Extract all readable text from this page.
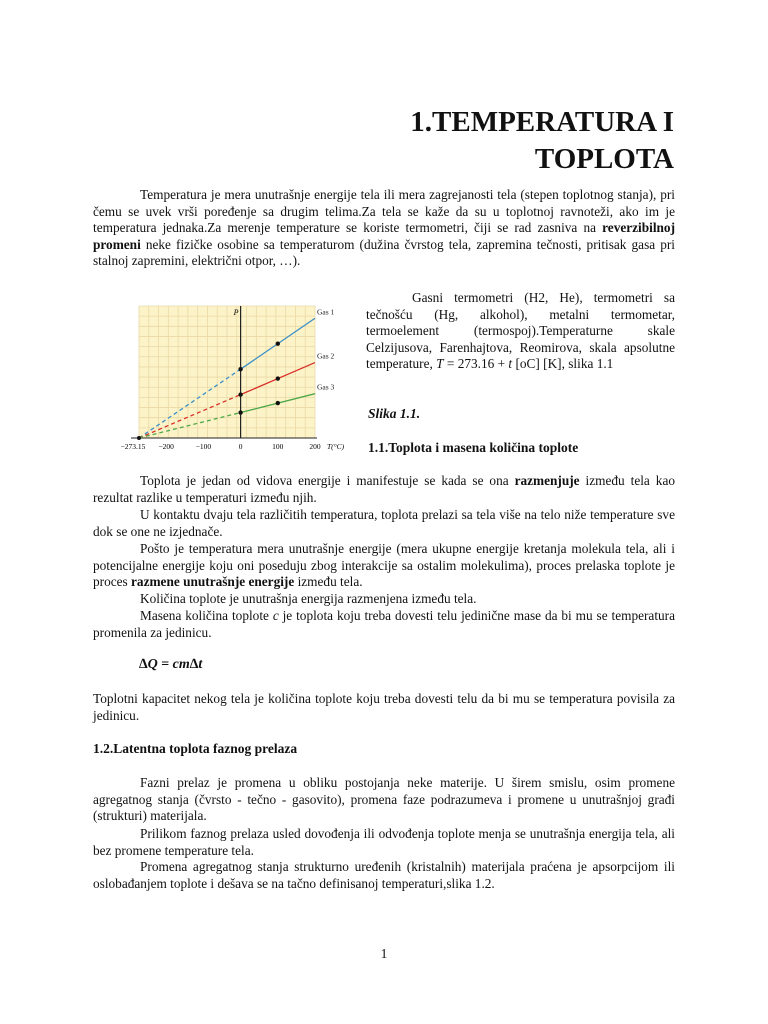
1.TEMPERATURA I
TOPLOTA

Temperatura je mera unutrašnje energije tela ili mera zagrejanosti tela (stepen toplotnog stanja), pri čemu se uvek vrši poređenje sa drugim telima.Za tela se kaže da su u toplotnoj ravnoteži, ako im je temperatura jednaka.Za merenje temperature se koriste termometri, čiji se rad zasniva na reverzibilnoj promeni neke fizičke osobine sa temperaturom (dužina čvrstog tela, zapremina tečnosti, pritisak gasa pri stalnoj zapremini, električni otpor, …).

P	Gas 1
Gas 2
Gas 3
−273.15 −200	−100	0	100	200 T(°C)

Gasni termometri (H2, He), termometri sa tečnošću (Hg, alkohol), metalni termometar, termoelement (termospoj).Temperaturne skale Celzijusova, Farenhajtova, Reomirova, skala apsolutne temperature, T = 273.16 + t [oC] [K], slika 1.1

Slika 1.1.
1.1.Toplota i masena količina toplote

Toplota je jedan od vidova energije i manifestuje se kada se ona razmenjuje između tela kao rezultat razlike u temperaturi između njih.

U kontaktu dvaju tela različitih temperatura, toplota prelazi sa tela više na telo niže temperature sve dok se one ne izjednače.

Pošto je temperatura mera unutrašnje energije (mera ukupne energije kretanja molekula tela, ali i potencijalne energije koju oni poseduju zbog interakcije sa ostalim molekulima), proces prelaska toplote je proces razmene unutrašnje energije između tela.

Količina toplote je unutrašnja energija razmenjena između tela.

Masena količina toplote c je toplota koju treba dovesti telu jedinične mase da bi mu se temperatura promenila za jedinicu.

∆Q = cm∆t

Toplotni kapacitet nekog tela je količina toplote koju treba dovesti telu da bi mu se temperatura povisila za jedinicu.

1.2.Latentna toplota faznog prelaza

Fazni prelaz je promena u obliku postojanja neke materije. U širem smislu, osim promene agregatnog stanja (čvrsto - tečno - gasovito), promena faze podrazumeva i promene u unutrašnjoj građi (strukturi) materijala.

Prilikom faznog prelaza usled dovođenja ili odvođenja toplote menja se unutrašnja energija tela, ali bez promene temperature tela.

Promena agregatnog stanja strukturno uređenih (kristalnih) materijala praćena je apsorpcijom ili oslobađanjem toplote i dešava se na tačno definisanoj temperaturi,slika 1.2.

1
